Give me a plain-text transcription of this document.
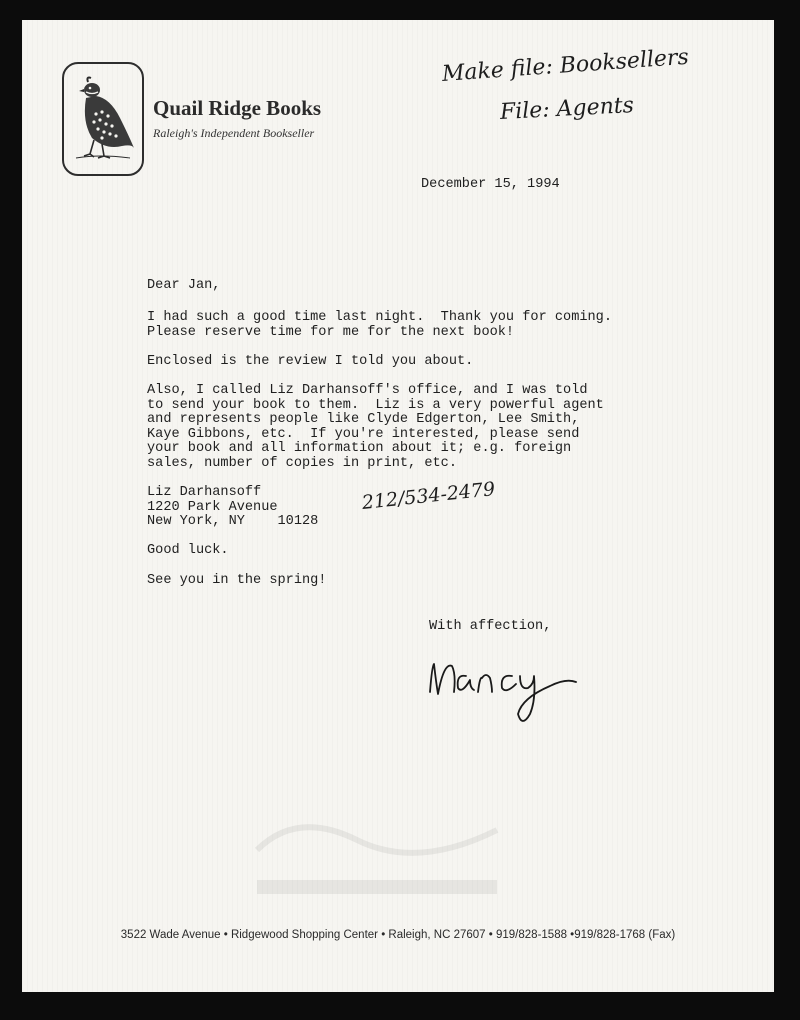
Quail Ridge Books
Raleigh's Independent Bookseller
Make file: Booksellers
File: Agents
December 15, 1994
Dear Jan,
I had such a good time last night.  Thank you for coming.
Please reserve time for me for the next book!
Enclosed is the review I told you about.
Also, I called Liz Darhansoff's office, and I was told
to send your book to them.  Liz is a very powerful agent
and represents people like Clyde Edgerton, Lee Smith,
Kaye Gibbons, etc.  If you're interested, please send
your book and all information about it; e.g. foreign
sales, number of copies in print, etc.
Liz Darhansoff
1220 Park Avenue
New York, NY    10128
212/534-2479
Good luck.
See you in the spring!
With affection,
3522 Wade Avenue • Ridgewood Shopping Center • Raleigh, NC 27607 • 919/828-1588 •919/828-1768 (Fax)
